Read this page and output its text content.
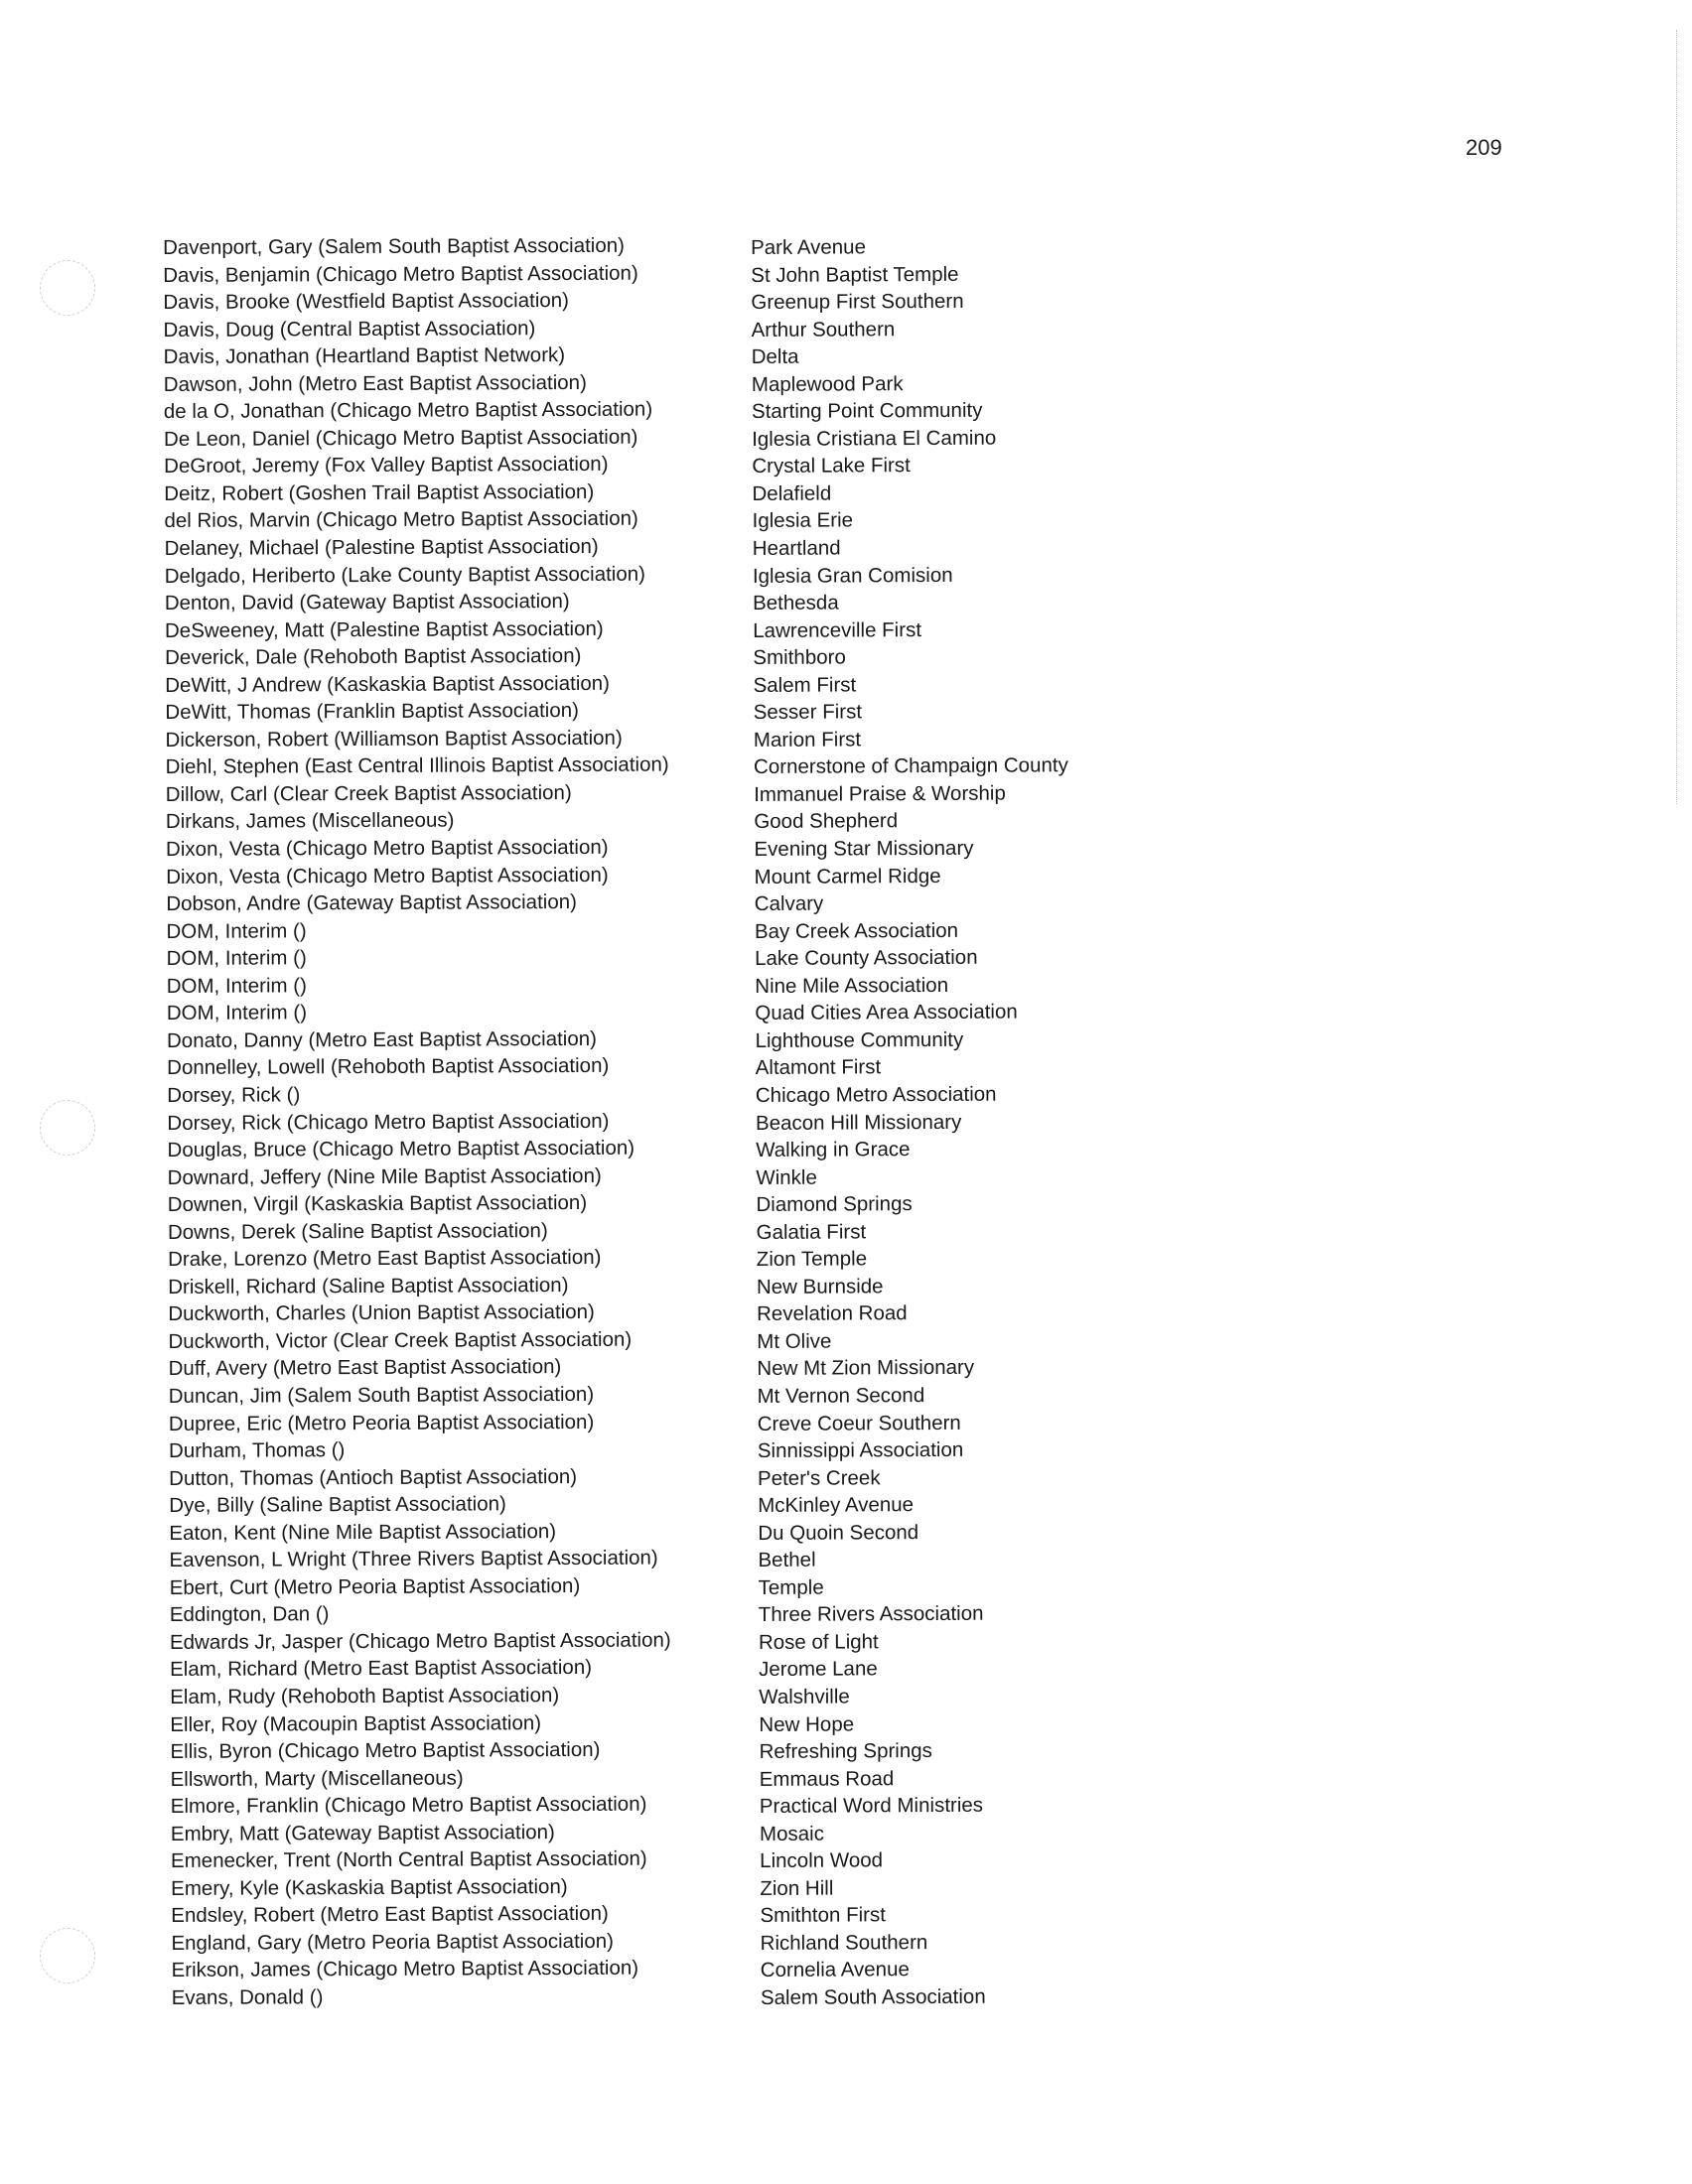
209
Davenport, Gary (Salem South Baptist Association)
Davis, Benjamin (Chicago Metro Baptist Association)
Davis, Brooke (Westfield Baptist Association)
Davis, Doug (Central Baptist Association)
Davis, Jonathan (Heartland Baptist Network)
Dawson, John (Metro East Baptist Association)
de la O, Jonathan (Chicago Metro Baptist Association)
De Leon, Daniel (Chicago Metro Baptist Association)
DeGroot, Jeremy (Fox Valley Baptist Association)
Deitz, Robert (Goshen Trail Baptist Association)
del Rios, Marvin (Chicago Metro Baptist Association)
Delaney, Michael (Palestine Baptist Association)
Delgado, Heriberto (Lake County Baptist Association)
Denton, David (Gateway Baptist Association)
DeSweeney, Matt (Palestine Baptist Association)
Deverick, Dale (Rehoboth Baptist Association)
DeWitt, J Andrew (Kaskaskia Baptist Association)
DeWitt, Thomas (Franklin Baptist Association)
Dickerson, Robert (Williamson Baptist Association)
Diehl, Stephen (East Central Illinois Baptist Association)
Dillow, Carl (Clear Creek Baptist Association)
Dirkans, James (Miscellaneous)
Dixon, Vesta (Chicago Metro Baptist Association)
Dixon, Vesta (Chicago Metro Baptist Association)
Dobson, Andre (Gateway Baptist Association)
DOM, Interim ()
DOM, Interim ()
DOM, Interim ()
DOM, Interim ()
Donato, Danny (Metro East Baptist Association)
Donnelley, Lowell (Rehoboth Baptist Association)
Dorsey, Rick ()
Dorsey, Rick (Chicago Metro Baptist Association)
Douglas, Bruce (Chicago Metro Baptist Association)
Downard, Jeffery (Nine Mile Baptist Association)
Downen, Virgil (Kaskaskia Baptist Association)
Downs, Derek (Saline Baptist Association)
Drake, Lorenzo (Metro East Baptist Association)
Driskell, Richard (Saline Baptist Association)
Duckworth, Charles (Union Baptist Association)
Duckworth, Victor (Clear Creek Baptist Association)
Duff, Avery (Metro East Baptist Association)
Duncan, Jim (Salem South Baptist Association)
Dupree, Eric (Metro Peoria Baptist Association)
Durham, Thomas ()
Dutton, Thomas (Antioch Baptist Association)
Dye, Billy (Saline Baptist Association)
Eaton, Kent (Nine Mile Baptist Association)
Eavenson, L Wright (Three Rivers Baptist Association)
Ebert, Curt (Metro Peoria Baptist Association)
Eddington, Dan ()
Edwards Jr, Jasper (Chicago Metro Baptist Association)
Elam, Richard (Metro East Baptist Association)
Elam, Rudy (Rehoboth Baptist Association)
Eller, Roy (Macoupin Baptist Association)
Ellis, Byron (Chicago Metro Baptist Association)
Ellsworth, Marty (Miscellaneous)
Elmore, Franklin (Chicago Metro Baptist Association)
Embry, Matt (Gateway Baptist Association)
Emenecker, Trent (North Central Baptist Association)
Emery, Kyle (Kaskaskia Baptist Association)
Endsley, Robert (Metro East Baptist Association)
England, Gary (Metro Peoria Baptist Association)
Erikson, James (Chicago Metro Baptist Association)
Evans, Donald ()
Park Avenue
St John Baptist Temple
Greenup First Southern
Arthur Southern
Delta
Maplewood Park
Starting Point Community
Iglesia Cristiana El Camino
Crystal Lake First
Delafield
Iglesia Erie
Heartland
Iglesia Gran Comision
Bethesda
Lawrenceville First
Smithboro
Salem First
Sesser First
Marion First
Cornerstone of Champaign County
Immanuel Praise & Worship
Good Shepherd
Evening Star Missionary
Mount Carmel Ridge
Calvary
Bay Creek Association
Lake County Association
Nine Mile Association
Quad Cities Area Association
Lighthouse Community
Altamont First
Chicago Metro Association
Beacon Hill Missionary
Walking in Grace
Winkle
Diamond Springs
Galatia First
Zion Temple
New Burnside
Revelation Road
Mt Olive
New Mt Zion Missionary
Mt Vernon Second
Creve Coeur Southern
Sinnissippi Association
Peter's Creek
McKinley Avenue
Du Quoin Second
Bethel
Temple
Three Rivers Association
Rose of Light
Jerome Lane
Walshville
New Hope
Refreshing Springs
Emmaus Road
Practical Word Ministries
Mosaic
Lincoln Wood
Zion Hill
Smithton First
Richland Southern
Cornelia Avenue
Salem South Association
